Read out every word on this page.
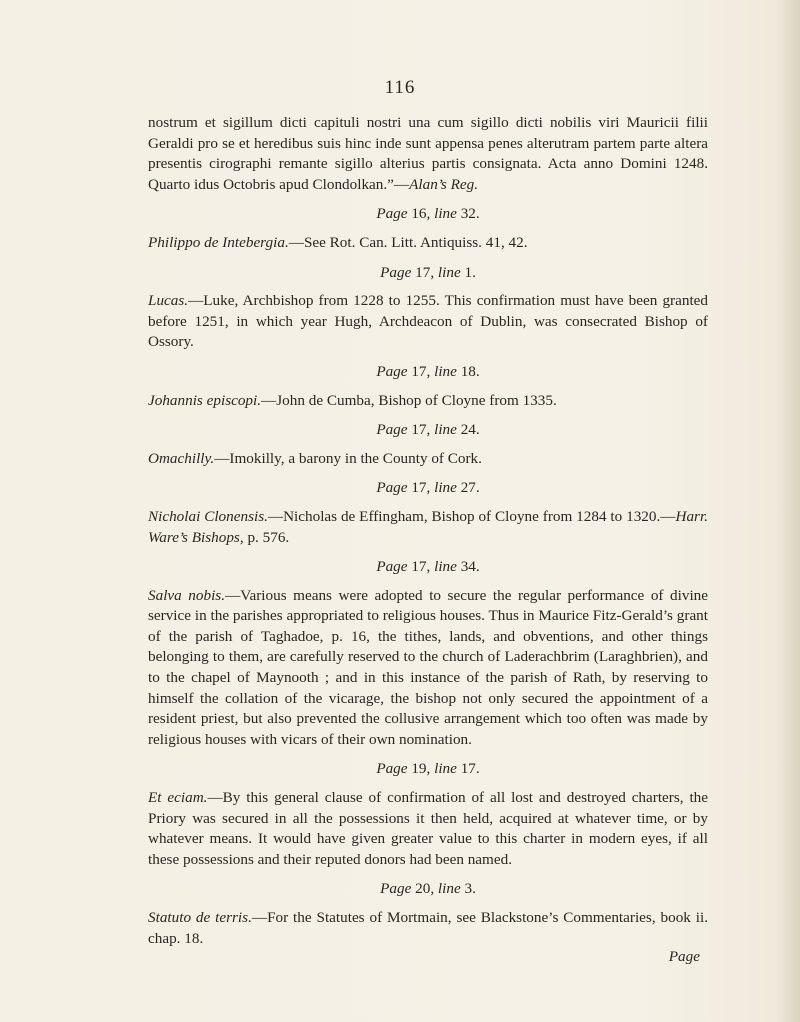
116

nostrum et sigillum dicti capituli nostri una cum sigillo dicti nobilis viri Mauricii filii Geraldi pro se et heredibus suis hinc inde sunt appensa penes alterutram partem parte altera presentis cirographi remante sigillo alterius partis consignata. Acta anno Domini 1248. Quarto idus Octobris apud Clondolkan.”—Alan’s Reg.

Page 16, line 32.

Philippo de Intebergia.—See Rot. Can. Litt. Antiquiss. 41, 42.

Page 17, line 1.

Lucas.—Luke, Archbishop from 1228 to 1255. This confirmation must have been granted before 1251, in which year Hugh, Archdeacon of Dublin, was consecrated Bishop of Ossory.

Page 17, line 18.

Johannis episcopi.—John de Cumba, Bishop of Cloyne from 1335.

Page 17, line 24.

Omachilly.—Imokilly, a barony in the County of Cork.

Page 17, line 27.

Nicholai Clonensis.—Nicholas de Effingham, Bishop of Cloyne from 1284 to 1320.—Harr. Ware’s Bishops, p. 576.

Page 17, line 34.

Salva nobis.—Various means were adopted to secure the regular performance of divine service in the parishes appropriated to religious houses. Thus in Maurice Fitz-Gerald’s grant of the parish of Taghadoe, p. 16, the tithes, lands, and obventions, and other things belonging to them, are carefully reserved to the church of Laderachbrim (Laraghbrien), and to the chapel of Maynooth ; and in this instance of the parish of Rath, by reserving to himself the collation of the vicarage, the bishop not only secured the appointment of a resident priest, but also prevented the collusive arrangement which too often was made by religious houses with vicars of their own nomination.

Page 19, line 17.

Et eciam.—By this general clause of confirmation of all lost and destroyed charters, the Priory was secured in all the possessions it then held, acquired at whatever time, or by whatever means. It would have given greater value to this charter in modern eyes, if all these possessions and their reputed donors had been named.

Page 20, line 3.

Statuto de terris.—For the Statutes of Mortmain, see Blackstone’s Commentaries, book ii. chap. 18.

Page
